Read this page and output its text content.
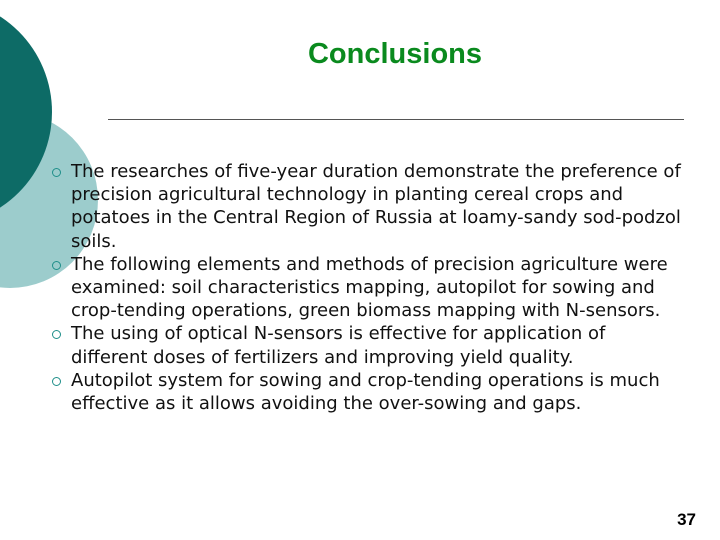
Conclusions
The researches of five-year duration demonstrate the preference of precision agricultural technology in planting cereal crops and potatoes in the Central Region of Russia at loamy-sandy sod-podzol soils.
The following elements and methods of precision agriculture were examined: soil characteristics mapping, autopilot for sowing and crop-tending operations, green biomass mapping with N-sensors.
The using of optical N-sensors is effective for application of different doses of fertilizers and improving yield quality.
Autopilot system for sowing and crop-tending operations is much effective as it allows avoiding the over-sowing and gaps.
37
